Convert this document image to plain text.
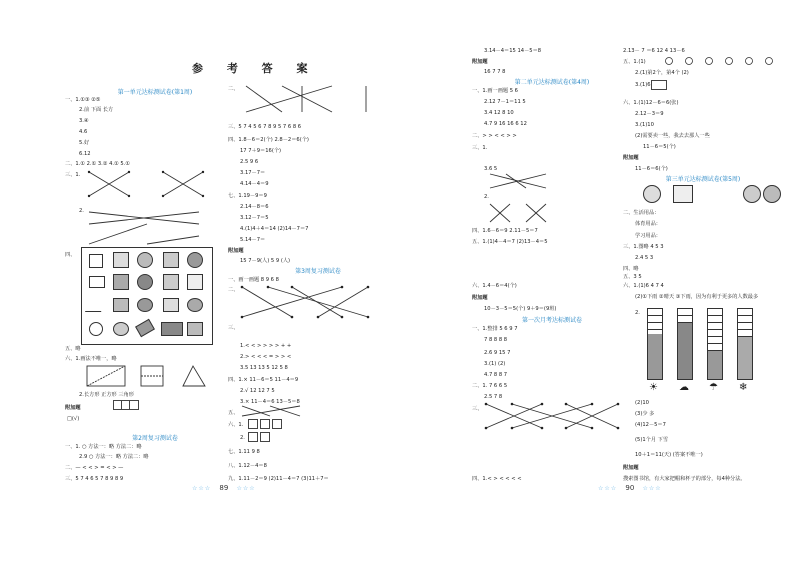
参 考 答 案
第一单元达标测试卷(第1周)
一、1.①③ ②⑤
2.前 下面 长方
3.④
4.6
5.好
6.12
二、1.① 2.① 3.② 4.① 5.①
三、1.
2.
四、
五、略
六、1.画法不唯一，略
2.长方形 正方形 三角形
附加题
□(√)
第2周复习测试卷
一、1. ○ 方法一：略 方法二：略
2.9 ○ 方法一：略 方法二：略
二、— < < > = < > —
三、5 7 4 6 5 7 8 9 8 9
二、
三、5 7 4 5 6 7 8 9 5 7 6 8 6
四、1.8－6＝2(个) 2.8－2＝6(个)
17 7＋9＝16(个)
2.5 9 6
3.17－7＝
4.14－4＝9
七、1.19－9＝9
2.14－8＝6
3.12－7＝5
4.(1)4＋4＝14 (2)14－7＝7
5.14－7＝
附加题
15 7－9(人) 5 9 (人)
第3周复习测试卷
一、画一画题 8 9 6 8
二、
三、
1.< < > > > > + +
2.> < < < = > > <
3.5 13 13 5 12 5 8
四、1.× 11－6＝5 11－4＝9
2.√ 12 12 7 5
3.× 11－4＝6 13－5＝8
五、
六、1.
2.
七、1.11 9 8
八、1.12－4＝8
九、1.11－2＝9 (2)11－4＝7 (3)11＋7＝
☆☆☆ 89 ☆☆☆
3.14－4＝15 14－5＝8
附加题
16 7 7 8
第二单元达标测试卷(第4周)
一、1.画一画题 5 6
2.12 7－1＝11 5
3.4 12 8 10
4.7 9 16 16 6 12
二、> > < < > >
三、1.
2.
3.6 5
四、1.6－6＝9 2.11－5＝7
五、1.(1)4－4＝7 (2)13－4＝5
六、1.4－6＝4(个)
附加题
10－3－5＝5(个) 9＋9＝(9班)
第一次月考达标测试卷
一、1.整排 5 6 9 7
7 8 8 8 8
2.6 9 15 7
3.(1) (2)
4.7 8 8 7
二、1. 7 6 6 5
2.5 7 8
三、
四、1.< > < < < <
2.13－ 7 ＝6 12 4 13－6
五、1.(1)
2.(1)第2个，第4个 (2)
3.(1)6
六、1.(1)12－6＝6(张)
2.12－3＝9
3.(1)10
(2)需要卖一些，我去去那人一些
11－6＝5(个)
附加题
11－6＝6(个)
第三单元达标测试卷(第5周)
二、生活用品：
体育用品：
学习用品：
三、1.图略 4 5 3
2.4 5 3
四、略
五、3 5
六、1.(1)6 4 7 4
(2)①下雨 ②晴天 ③下雨，因为有利于更多的人数最多
2.
☀ ☁ ☂ ❄
(2)10
(3)少 多
(4)12－5＝7
(5)1个月 下雪
10＋1＝11(天) (答案不唯一)
附加题
搜索图书馆，有大家把帽和杯子的部分，每4种分法。
☆☆☆ 90 ☆☆☆
